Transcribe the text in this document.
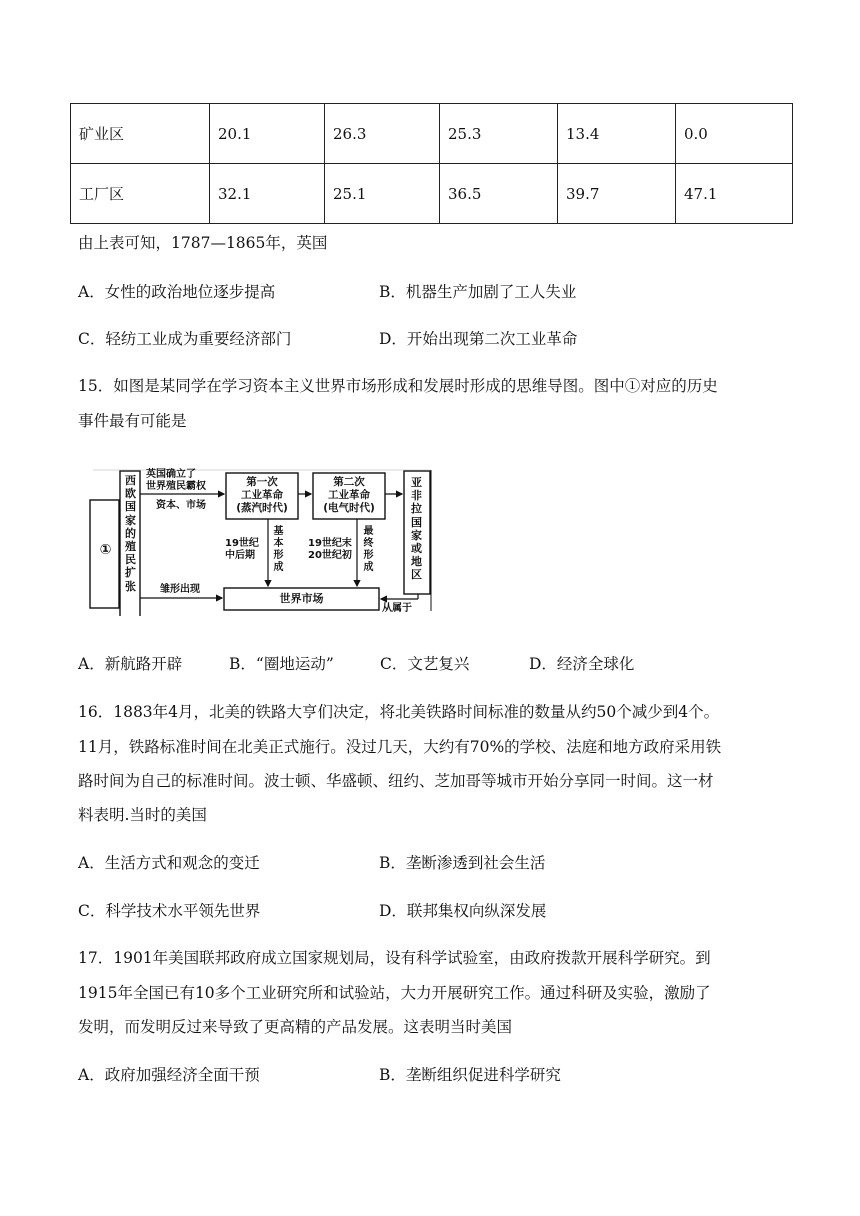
矿业区	20.1	26.3	25.3	13.4	0.0
工厂区	32.1	25.1	36.5	39.7	47.1
由上表可知，1787—1865年，英国
A．女性的政治地位逐步提高	B．机器生产加剧了工人失业
C．轻纺工业成为重要经济部门	D．开始出现第二次工业革命
15．如图是某同学在学习资本主义世界市场形成和发展时形成的思维导图。图中①对应的历史
事件最有可能是
①
西欧国家的殖民扩张
英国确立了
世界殖民霸权
资本、市场
第一次
工业革命
(蒸汽时代)
第二次
工业革命
(电气时代)
亚非拉国家或地区
19世纪
中后期
基本形成
19世纪末
20世纪初
最终形成
雏形出现
世界市场
从属于
A．新航路开辟	B．“圈地运动”	C．文艺复兴	D．经济全球化
16．1883年4月，北美的铁路大亨们决定，将北美铁路时间标准的数量从约50个减少到4个。
11月，铁路标准时间在北美正式施行。没过几天，大约有70%的学校、法庭和地方政府采用铁
路时间为自己的标准时间。波士顿、华盛顿、纽约、芝加哥等城市开始分享同一时间。这一材
料表明.当时的美国
A．生活方式和观念的变迁	B．垄断渗透到社会生活
C．科学技术水平领先世界	D．联邦集权向纵深发展
17．1901年美国联邦政府成立国家规划局，设有科学试验室，由政府拨款开展科学研究。到
1915年全国已有10多个工业研究所和试验站，大力开展研究工作。通过科研及实验，激励了
发明，而发明反过来导致了更高精的产品发展。这表明当时美国
A．政府加强经济全面干预	B．垄断组织促进科学研究
